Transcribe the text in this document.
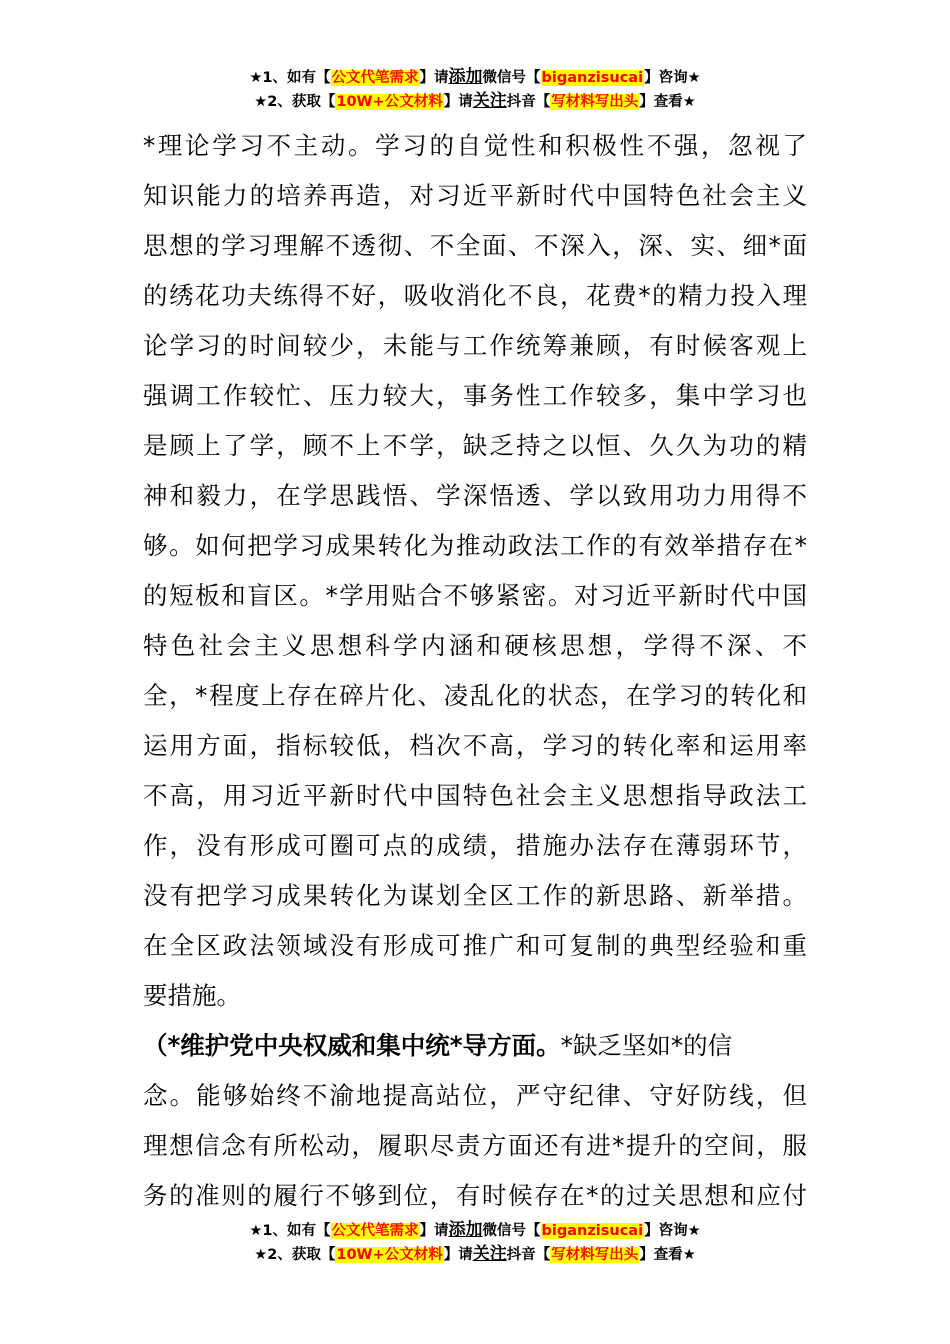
★1、如有【公文代笔需求】请添加微信号【biganzisucai】咨询★
★2、获取【10W+公文材料】请关注抖音【写材料写出头】查看★
*理论学习不主动。学习的自觉性和积极性不强，忽视了
知识能力的培养再造，对习近平新时代中国特色社会主义
思想的学习理解不透彻、不全面、不深入，深、实、细*面
的绣花功夫练得不好，吸收消化不良，花费*的精力投入理
论学习的时间较少，未能与工作统筹兼顾，有时候客观上
强调工作较忙、压力较大，事务性工作较多，集中学习也
是顾上了学，顾不上不学，缺乏持之以恒、久久为功的精
神和毅力，在学思践悟、学深悟透、学以致用功力用得不
够。如何把学习成果转化为推动政法工作的有效举措存在*
的短板和盲区。*学用贴合不够紧密。对习近平新时代中国
特色社会主义思想科学内涵和硬核思想，学得不深、不
全，*程度上存在碎片化、凌乱化的状态，在学习的转化和
运用方面，指标较低，档次不高，学习的转化率和运用率
不高，用习近平新时代中国特色社会主义思想指导政法工
作，没有形成可圈可点的成绩，措施办法存在薄弱环节，
没有把学习成果转化为谋划全区工作的新思路、新举措。
在全区政法领域没有形成可推广和可复制的典型经验和重
要措施。
（*维护党中央权威和集中统*导方面。*缺乏坚如*的信
念。能够始终不渝地提高站位，严守纪律、守好防线，但
理想信念有所松动，履职尽责方面还有进*提升的空间，服
务的准则的履行不够到位，有时候存在*的过关思想和应付
★1、如有【公文代笔需求】请添加微信号【biganzisucai】咨询★
★2、获取【10W+公文材料】请关注抖音【写材料写出头】查看★
